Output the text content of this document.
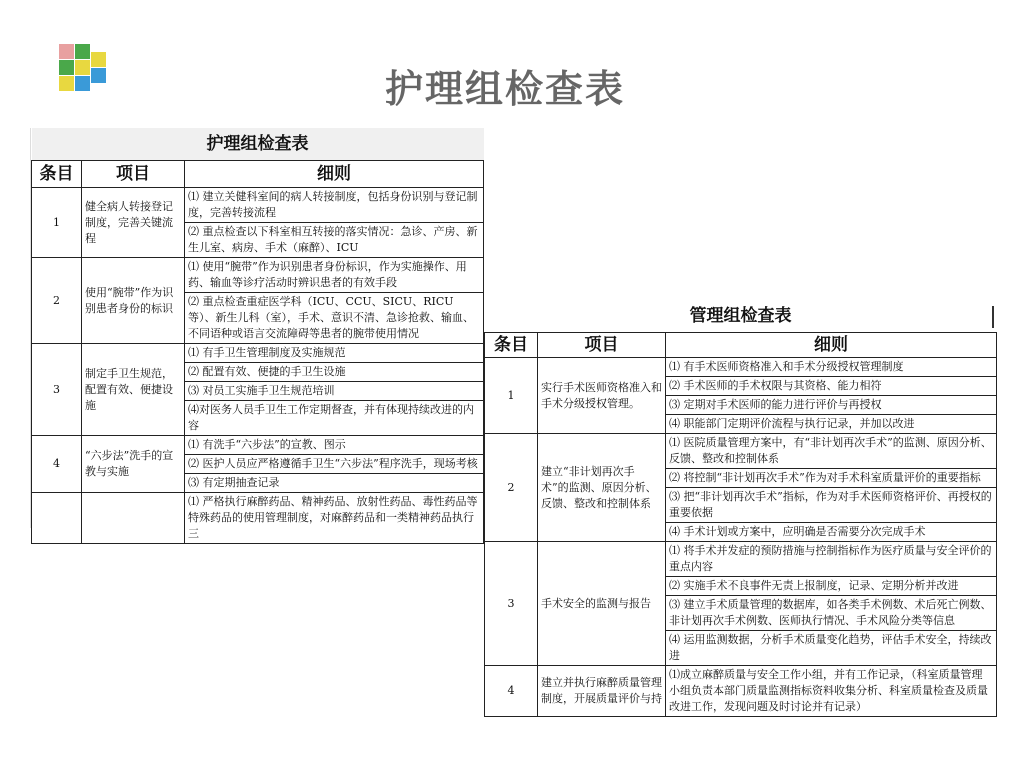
护理组检查表
护理组检查表		
条目	项目	细则
1	健全病人转接登记制度，完善关键流程	⑴ 建立关健科室间的病人转接制度，包括身份识别与登记制度，完善转接流程
		⑵ 重点检查以下科室相互转接的落实情况：急诊、产房、新生儿室、病房、手术（麻醉）、ICU
2	使用“腕带”作为识别患者身份的标识	⑴ 使用“腕带”作为识别患者身份标识，作为实施操作、用药、输血等诊疗活动时辨识患者的有效手段
		⑵ 重点检查重症医学科（ICU、CCU、SICU、RICU等）、新生儿科（室），手术、意识不清、急诊抢救、输血、不同语种或语言交流障碍等患者的腕带使用情况
3	制定手卫生规范，配置有效、便捷设施	⑴ 有手卫生管理制度及实施规范
		⑵ 配置有效、便捷的手卫生设施
		⑶ 对员工实施手卫生规范培训
		⑷对医务人员手卫生工作定期督查，并有体现持续改进的内容
4	“六步法”洗手的宣教与实施	⑴ 有洗手“六步法”的宣教、图示
		⑵ 医护人员应严格遵循手卫生“六步法”程序洗手，现场考核
		⑶ 有定期抽查记录
		⑴ 严格执行麻醉药品、精神药品、放射性药品、毒性药品等特殊药品的使用管理制度，对麻醉药品和一类精神药品执行三
管理组检查表		
条目	项目	细则
1	实行手术医师资格准入和手术分级授权管理。	⑴ 有手术医师资格准入和手术分级授权管理制度
		⑵ 手术医师的手术权限与其资格、能力相符
		⑶ 定期对手术医师的能力进行评价与再授权
		⑷ 职能部门定期评价流程与执行记录，并加以改进
2	建立“非计划再次手术”的监测、原因分析、反馈、整改和控制体系	⑴ 医院质量管理方案中，有“非计划再次手术”的监测、原因分析、反馈、整改和控制体系
		⑵ 将控制“非计划再次手术”作为对手术科室质量评价的重要指标
		⑶ 把“非计划再次手术”指标，作为对手术医师资格评价、再授权的重要依据
		⑷ 手术计划或方案中，应明确是否需要分次完成手术
3	手术安全的监测与报告	⑴ 将手术并发症的预防措施与控制指标作为医疗质量与安全评价的重点内容
		⑵ 实施手术不良事件无责上报制度，记录、定期分析并改进
		⑶ 建立手术质量管理的数据库，如各类手术例数、术后死亡例数、非计划再次手术例数、医师执行情况、手术风险分类等信息
		⑷ 运用监测数据，分析手术质量变化趋势，评估手术安全，持续改进
4	建立并执行麻醉质量管理制度，开展质量评价与持	⑴成立麻醉质量与安全工作小组，并有工作记录，（科室质量管理小组负责本部门质量监测指标资料收集分析、科室质量检查及质量改进工作，发现问题及时讨论并有记录）
